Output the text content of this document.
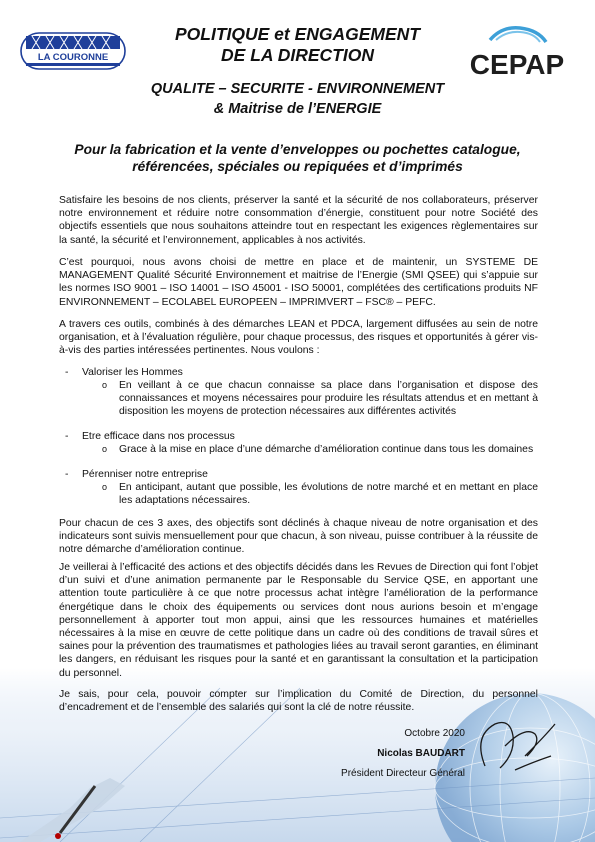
LA COURONNE	CEPAP
POLITIQUE et ENGAGEMENT
DE LA DIRECTION
QUALITE – SECURITE - ENVIRONNEMENT
& Maitrise de l’ENERGIE
Pour la fabrication et la vente d’enveloppes ou pochettes catalogue,
référencées, spéciales ou repiquées et d’imprimés

Satisfaire les besoins de nos clients, préserver la santé et la sécurité de nos collaborateurs, préserver notre environnement et réduire notre consommation d’énergie, constituent pour notre Société des objectifs essentiels que nous souhaitons atteindre tout en respectant les exigences règlementaires sur la santé, la sécurité et l’environnement, applicables à nos activités.

C’est pourquoi, nous avons choisi de mettre en place et de maintenir, un SYSTEME DE MANAGEMENT Qualité Sécurité Environnement et maitrise de l’Energie (SMI QSEE) qui s’appuie sur les normes ISO 9001 – ISO 14001 – ISO 45001 - ISO 50001, complétées des certifications produits NF ENVIRONNEMENT – ECOLABEL EUROPEEN – IMPRIMVERT – FSC® – PEFC.

A travers ces outils, combinés à des démarches LEAN et PDCA, largement diffusées au sein de notre organisation, et à l’évaluation régulière, pour chaque processus, des risques et opportunités à gérer vis-à-vis des parties intéressées pertinentes. Nous voulons :

- Valoriser les Hommes

o En veillant à ce que chacun connaisse sa place dans l’organisation et dispose des connaissances et moyens nécessaires pour produire les résultats attendus et en mettant à disposition les moyens de protection nécessaires aux différentes activités

- Etre efficace dans nos processus

o Grace à la mise en place d’une démarche d’amélioration continue dans tous les domaines

- Pérenniser notre entreprise

o En anticipant, autant que possible, les évolutions de notre marché et en mettant en place les adaptations nécessaires.

Pour chacun de ces 3 axes, des objectifs sont déclinés à chaque niveau de notre organisation et des indicateurs sont suivis mensuellement pour que chacun, à son niveau, puisse contribuer à la réussite de notre démarche d’amélioration continue.

Je veillerai à l’efficacité des actions et des objectifs décidés dans les Revues de Direction qui font l’objet d’un suivi et d’une animation permanente par le Responsable du Service QSE, en apportant une attention toute particulière à ce que notre processus achat intègre l’amélioration de la performance énergétique dans le choix des équipements ou services dont nous aurions besoin et m’engage personnellement à apporter tout mon appui, ainsi que les ressources humaines et matérielles nécessaires à la mise en œuvre de cette politique dans un cadre où des conditions de travail sûres et saines pour la prévention des traumatismes et pathologies liées au travail seront garanties, en éliminant les dangers, en réduisant les risques pour la santé et en garantissant la consultation et la participation du personnel.

Je sais, pour cela, pouvoir compter sur l’implication du Comité de Direction, du personnel d’encadrement et de l’ensemble des salariés qui sont la clé de notre réussite.

Octobre 2020
Nicolas BAUDART
Président Directeur Général
